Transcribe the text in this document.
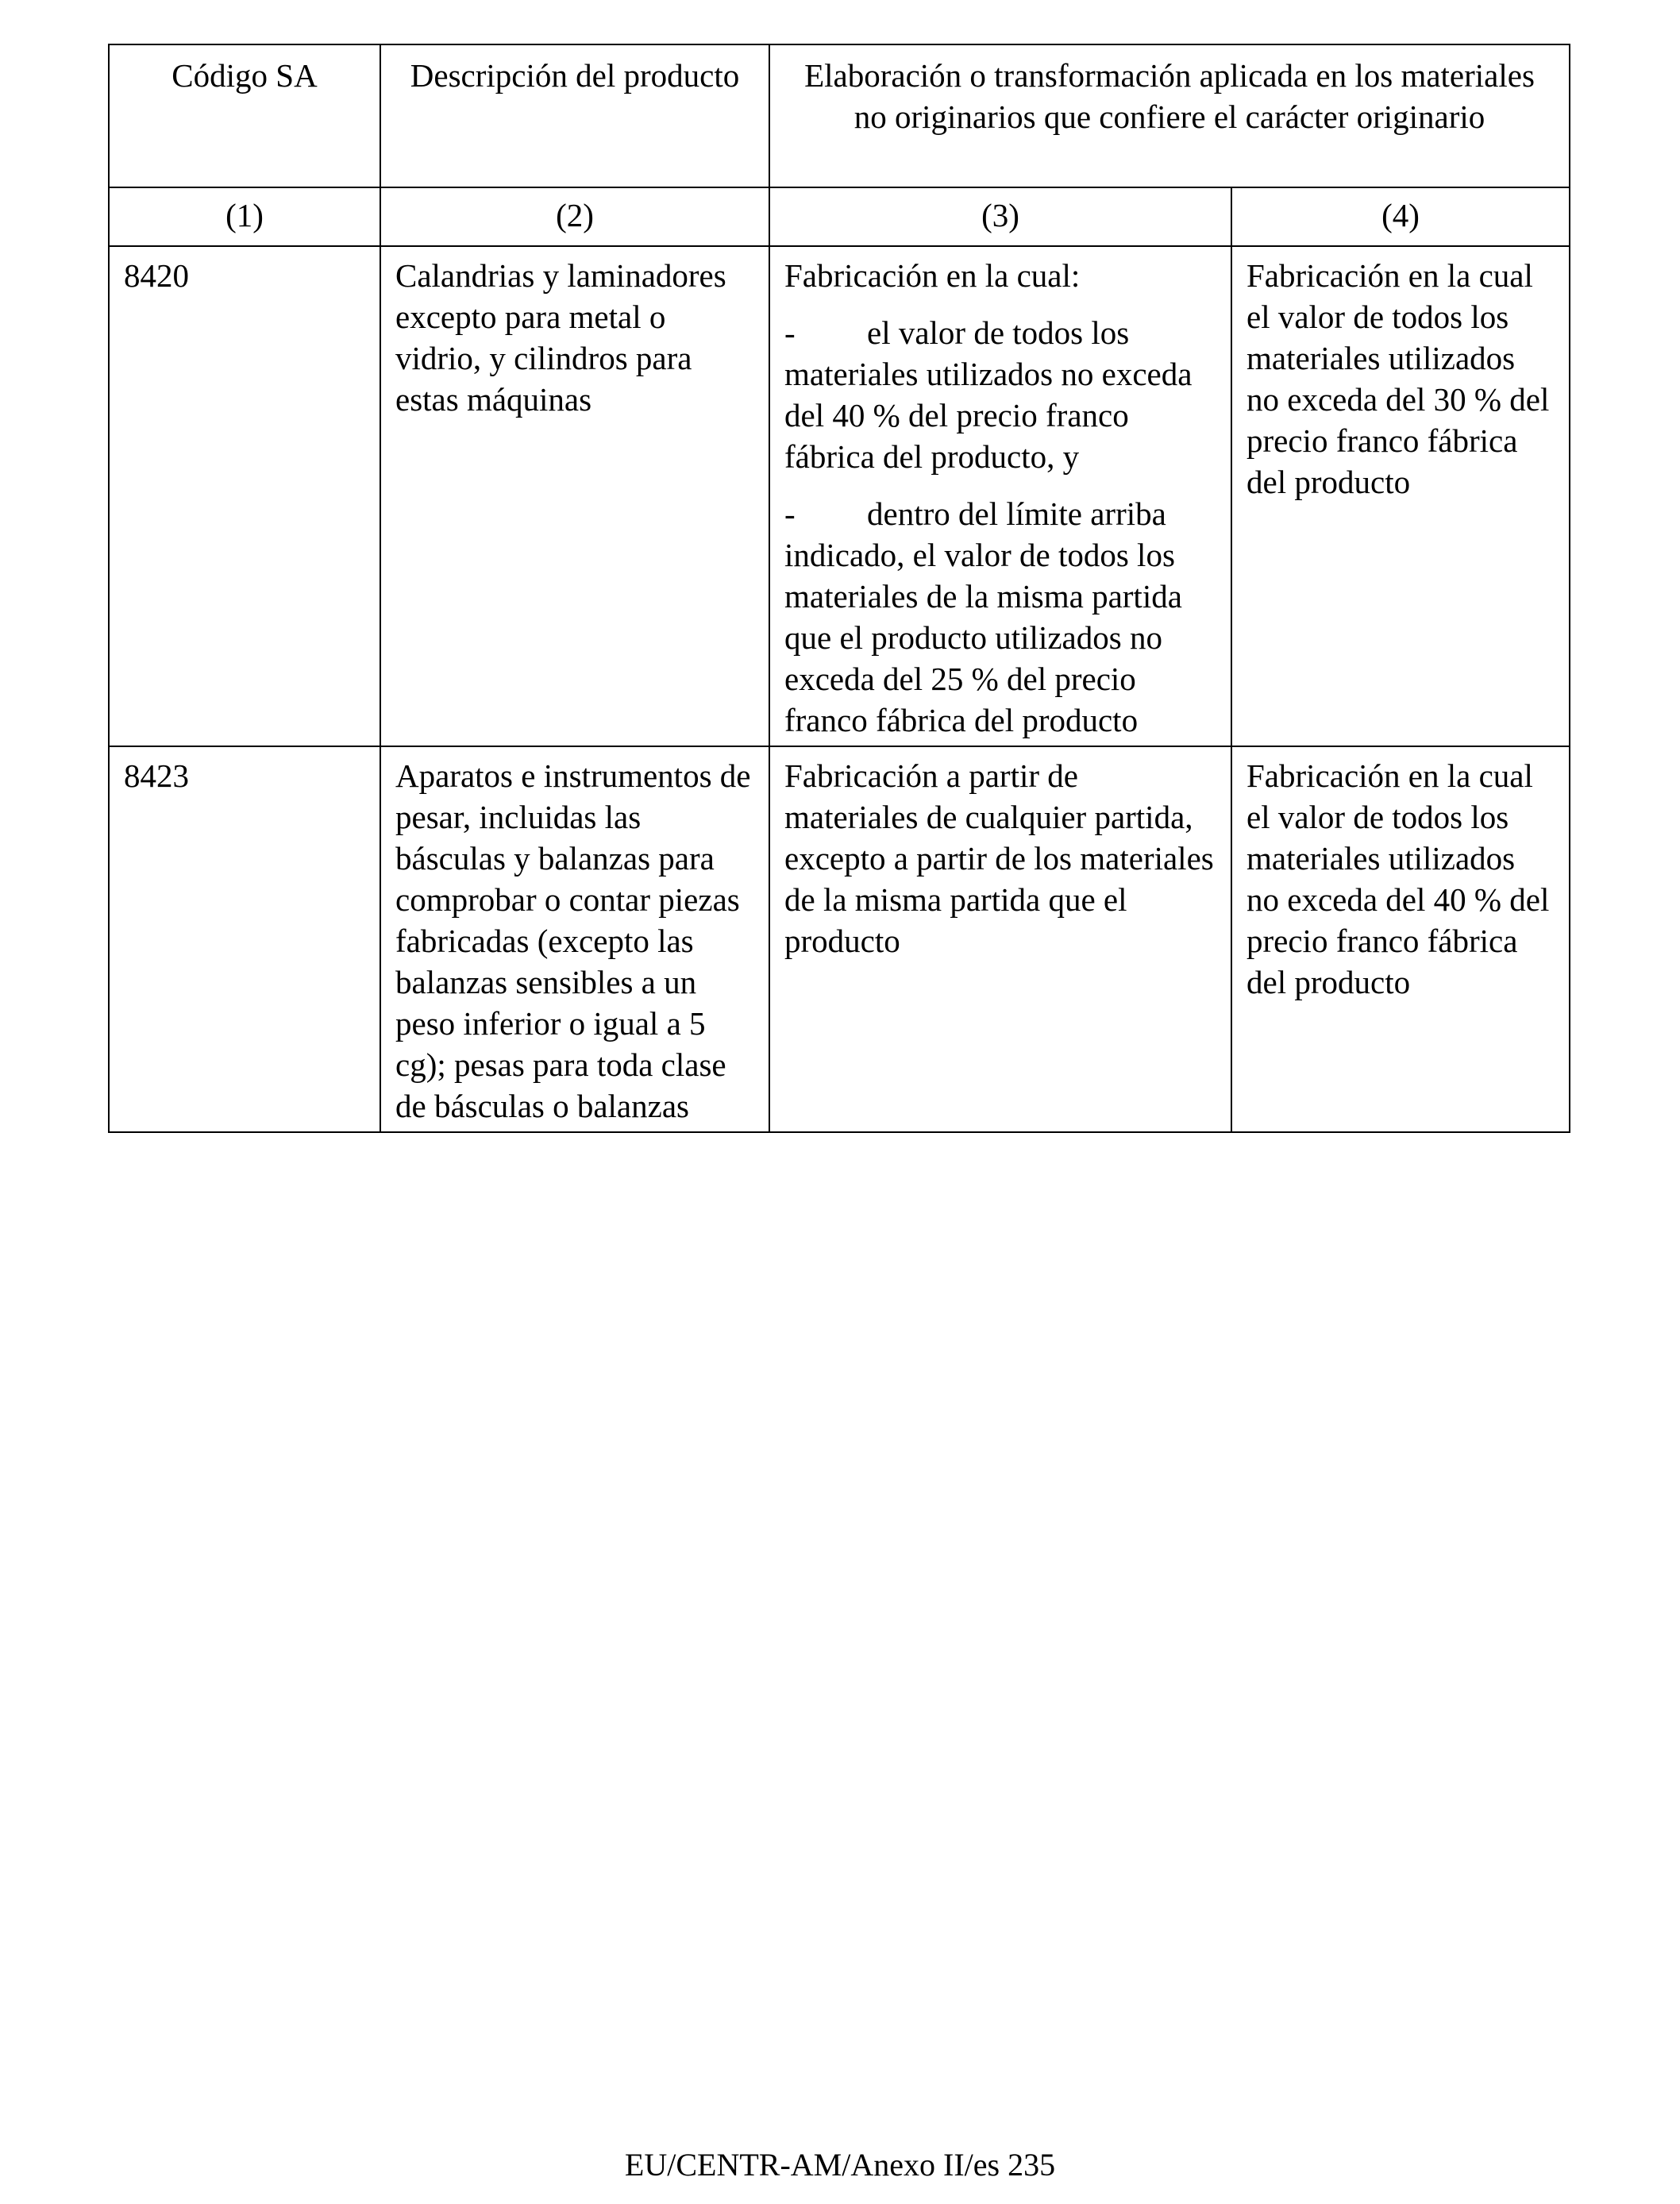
Código SA	Descripción del producto	Elaboración o transformación aplicada en los materiales no originarios que confiere el carácter originario	
(1)	(2)	(3)	(4)
8420	Calandrias y laminadores excepto para metal o vidrio, y cilindros para estas máquinas	Fabricación en la cual:
- el valor de todos los materiales utilizados no exceda del 40 % del precio franco fábrica del producto, y
- dentro del límite arriba indicado, el valor de todos los materiales de la misma partida que el producto utilizados no exceda del 25 % del precio franco fábrica del producto	Fabricación en la cual el valor de todos los materiales utilizados no exceda del 30 % del precio franco fábrica del producto
8423	Aparatos e instrumentos de pesar, incluidas las básculas y balanzas para comprobar o contar piezas fabricadas (excepto las balanzas sensibles a un peso inferior o igual a 5 cg); pesas para toda clase de básculas o balanzas	Fabricación a partir de materiales de cualquier partida, excepto a partir de los materiales de la misma partida que el producto	Fabricación en la cual el valor de todos los materiales utilizados no exceda del 40 % del precio franco fábrica del producto
EU/CENTR-AM/Anexo II/es 235
